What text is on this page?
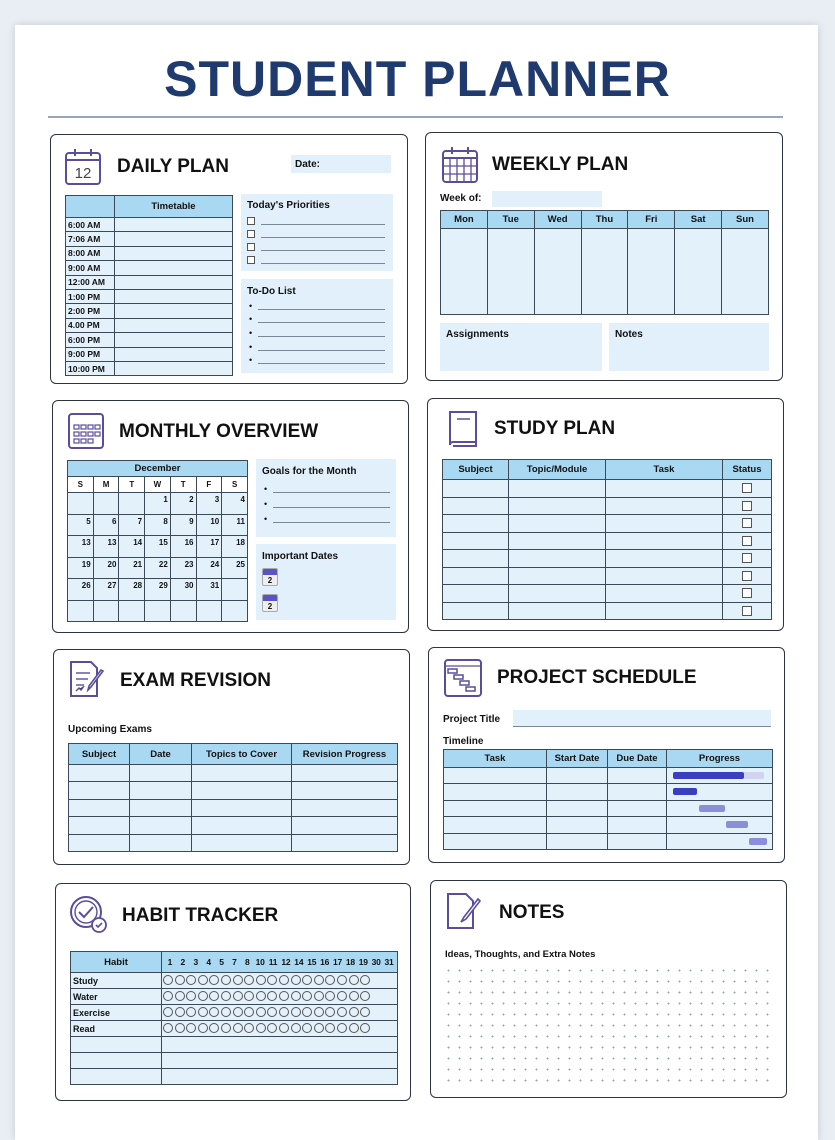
STUDENT PLANNER
12	DAILY PLAN	Date:
	Timetable
6:00 AM	
7:06 AM	
8:00 AM	
9:00 AM	
12:00 AM	
1:00 PM	
2:00 PM	
4.00 PM	
6:00 PM	
9:00 PM	
10:00 PM	
Today's Priorities
To-Do List
•
•
•
•
•
WEEKLY PLAN
Week of:
Mon	Tue	Wed	Thu	Fri	Sat	Sun

Assignments	Notes
MONTHLY OVERVIEW
December						
S	M	T	W	T	F	S
			1	2	3	4
5	6	7	8	9	10	11
13	13	14	15	16	17	18
19	20	21	22	23	24	25
26	27	28	29	30	31	

Goals for the Month
•
•
•
Important Dates
2
2
STUDY PLAN
Subject	Topic/Module	Task	Status

EXAM REVISION
Upcoming Exams
Subject	Date	Topics to Cover	Revision Progress

PROJECT SCHEDULE
Project Title
Timeline
Task	Start Date	Due Date	Progress

HABIT TRACKER
Habit	1 2 3 4 5 7 8 10 11 12 14 15 16 17 18 19 30 31
Study	
Water	
Exercise	
Read	

NOTES
Ideas, Thoughts, and Extra Notes
